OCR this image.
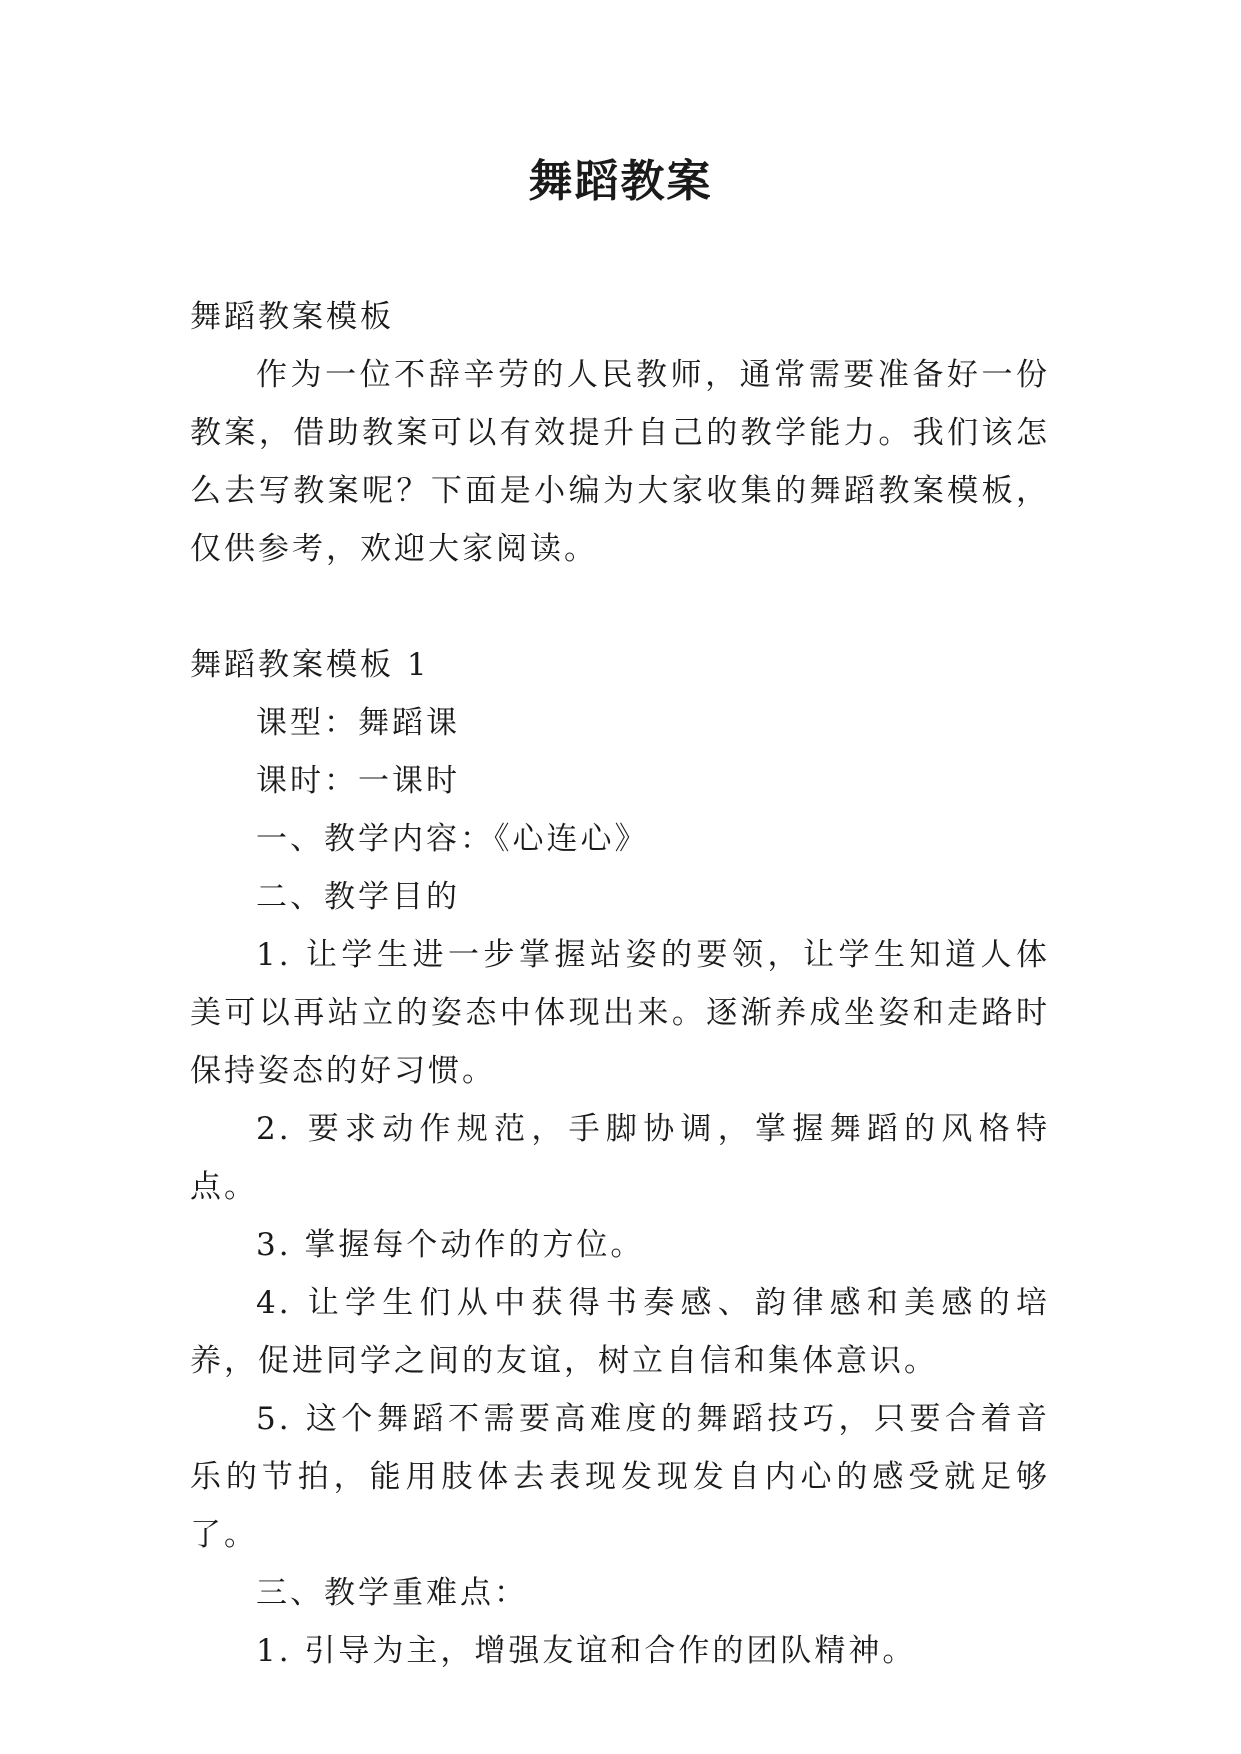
舞蹈教案

舞蹈教案模板

作为一位不辞辛劳的人民教师，通常需要准备好一份教案，借助教案可以有效提升自己的教学能力。我们该怎么去写教案呢？下面是小编为大家收集的舞蹈教案模板，仅供参考，欢迎大家阅读。

舞蹈教案模板 1

课型：舞蹈课

课时：一课时

一、教学内容：《心连心》

二、教学目的

1. 让学生进一步掌握站姿的要领，让学生知道人体美可以再站立的姿态中体现出来。逐渐养成坐姿和走路时保持姿态的好习惯。

2. 要求动作规范，手脚协调，掌握舞蹈的风格特点。

3. 掌握每个动作的方位。

4. 让学生们从中获得书奏感、韵律感和美感的培养，促进同学之间的友谊，树立自信和集体意识。

5. 这个舞蹈不需要高难度的舞蹈技巧，只要合着音乐的节拍，能用肢体去表现发现发自内心的感受就足够了。

三、教学重难点：

1. 引导为主，增强友谊和合作的团队精神。
